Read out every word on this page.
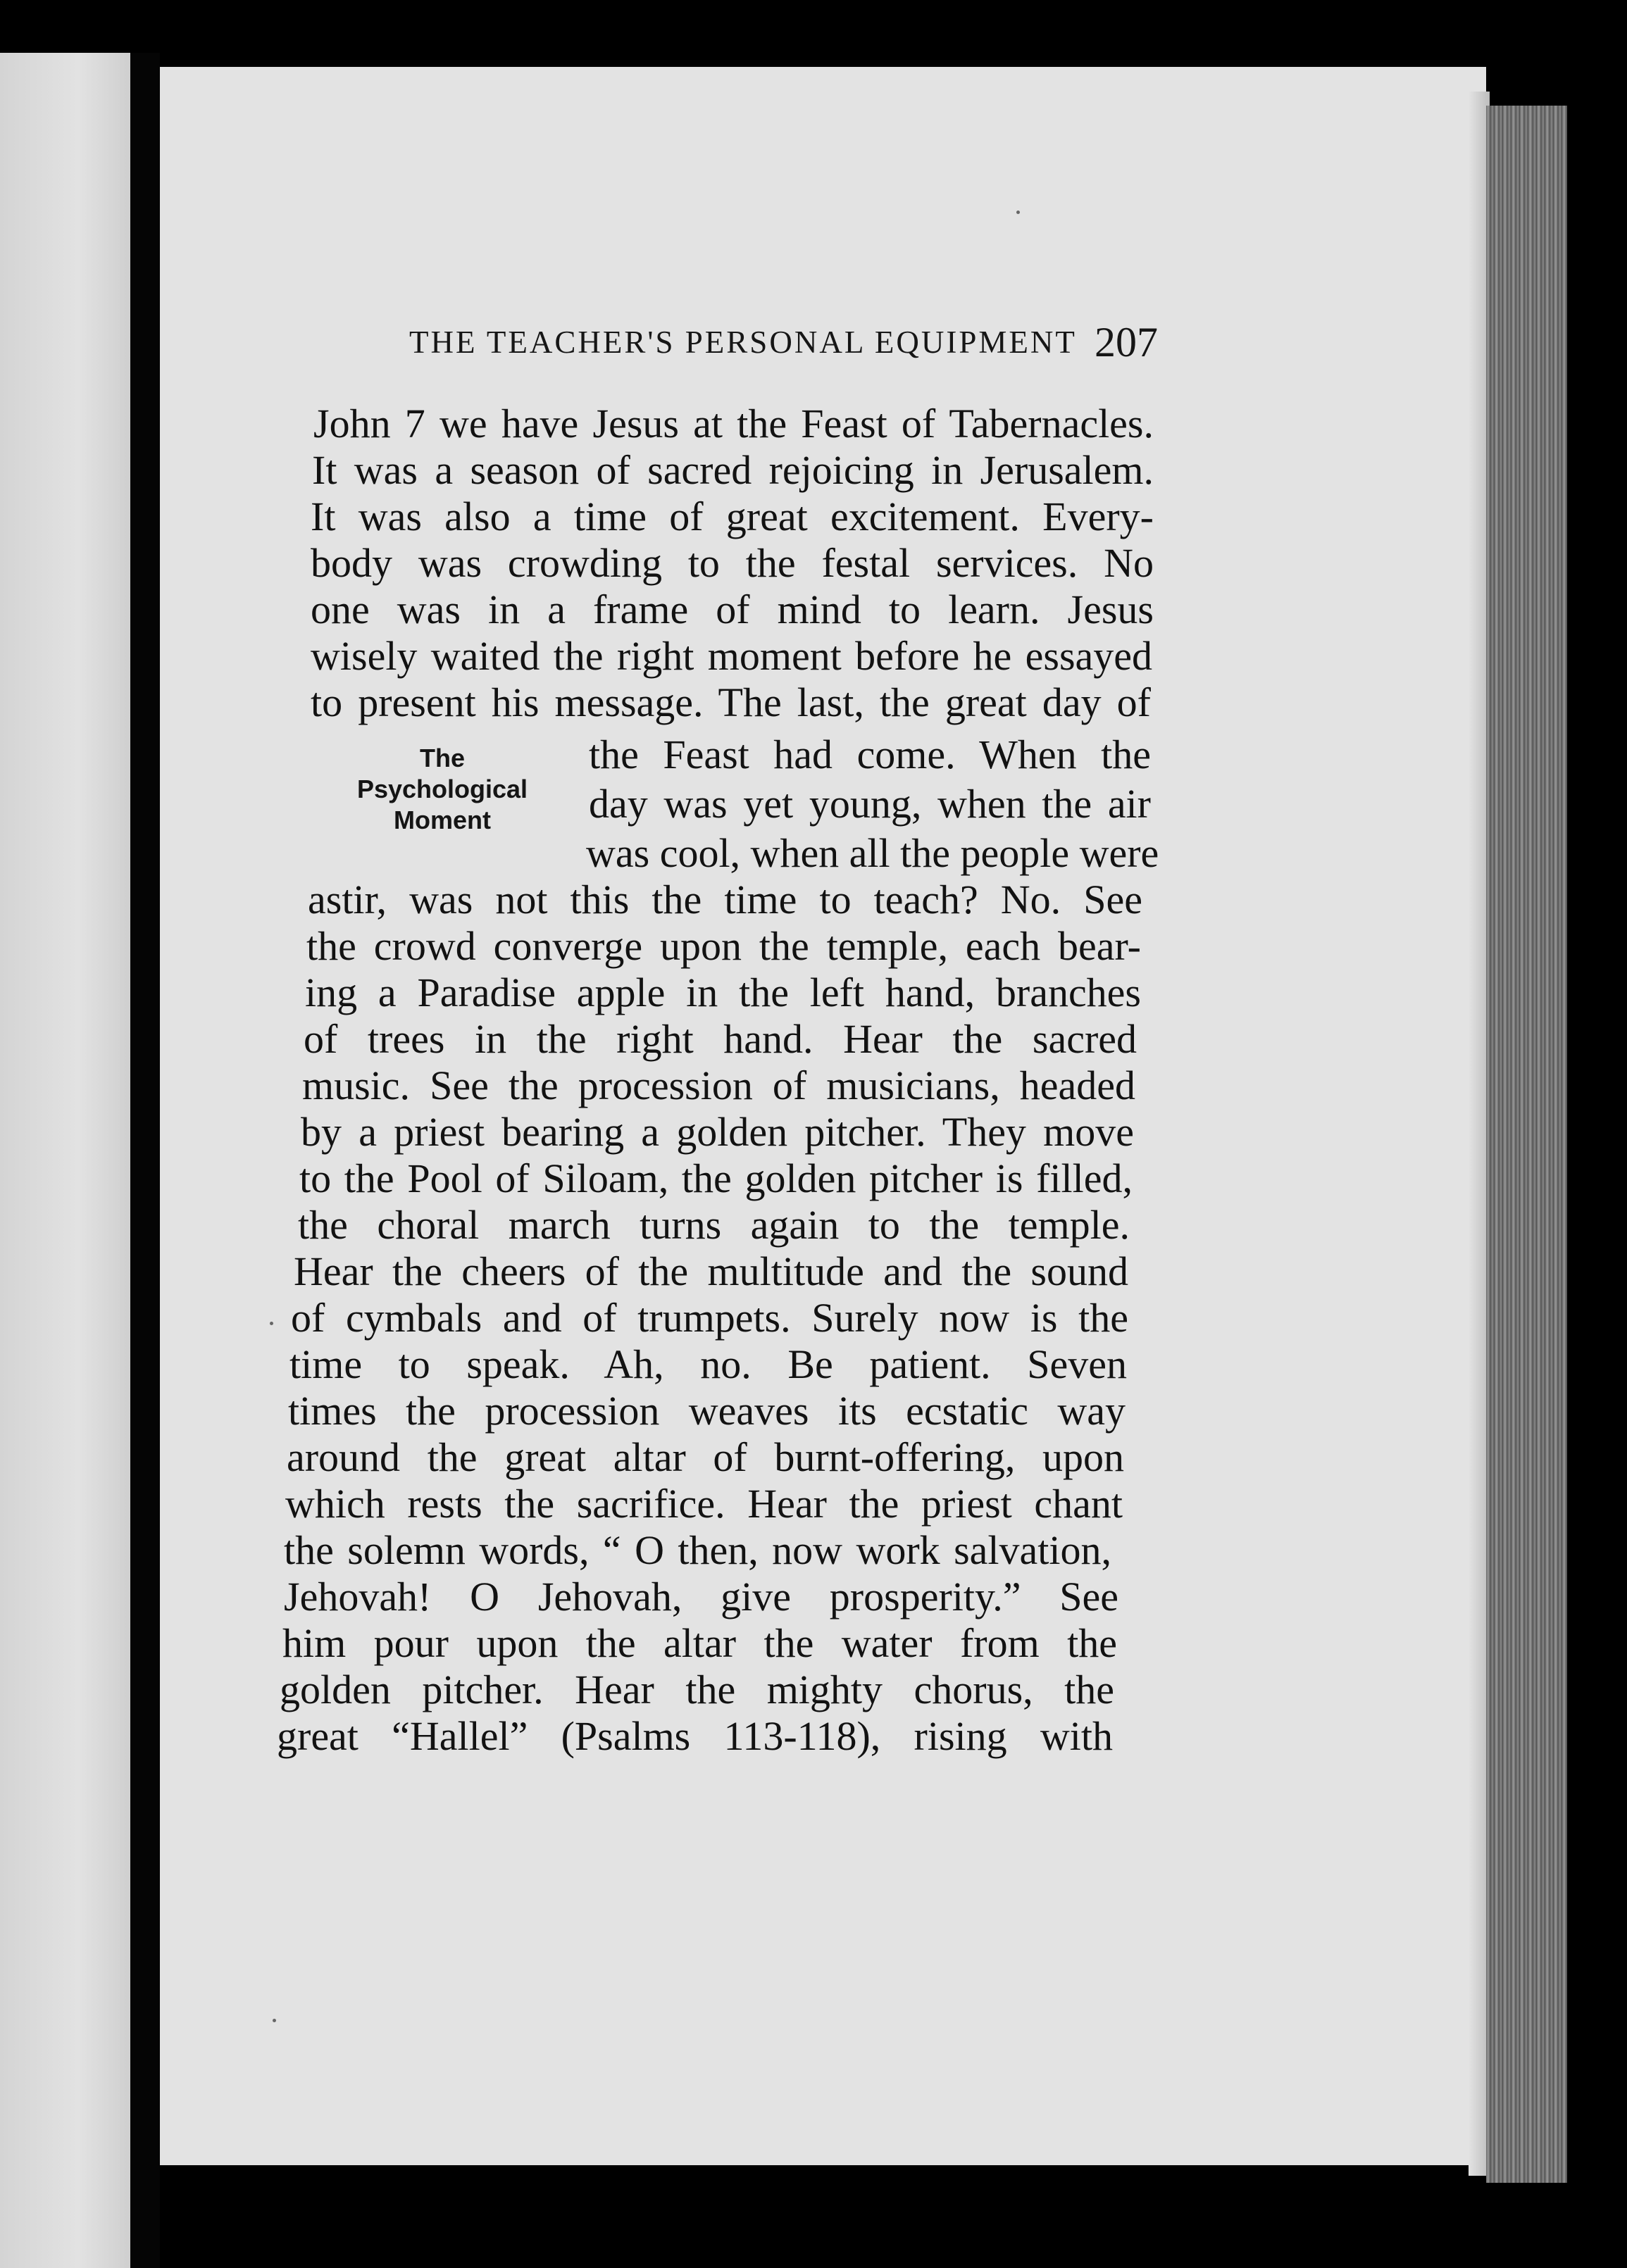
THE TEACHER'S PERSONAL EQUIPMENT 207
The
Psychological
Moment
John 7 we have Jesus at the Feast of Tabernacles.
It was a season of sacred rejoicing in Jerusalem.
It was also a time of great excitement. Every-
body was crowding to the festal services. No
one was in a frame of mind to learn. Jesus
wisely waited the right moment before he essayed
to present his message. The last, the great day of
the Feast had come. When the
day was yet young, when the air
was cool, when all the people were
astir, was not this the time to teach? No. See
the crowd converge upon the temple, each bear-
ing a Paradise apple in the left hand, branches
of trees in the right hand. Hear the sacred
music. See the procession of musicians, headed
by a priest bearing a golden pitcher. They move
to the Pool of Siloam, the golden pitcher is filled,
the choral march turns again to the temple.
Hear the cheers of the multitude and the sound
of cymbals and of trumpets. Surely now is the
time to speak. Ah, no. Be patient. Seven
times the procession weaves its ecstatic way
around the great altar of burnt-offering, upon
which rests the sacrifice. Hear the priest chant
the solemn words, “ O then, now work salvation,
Jehovah! O Jehovah, give prosperity.” See
him pour upon the altar the water from the
golden pitcher. Hear the mighty chorus, the
great “Hallel” (Psalms 113-118), rising with
